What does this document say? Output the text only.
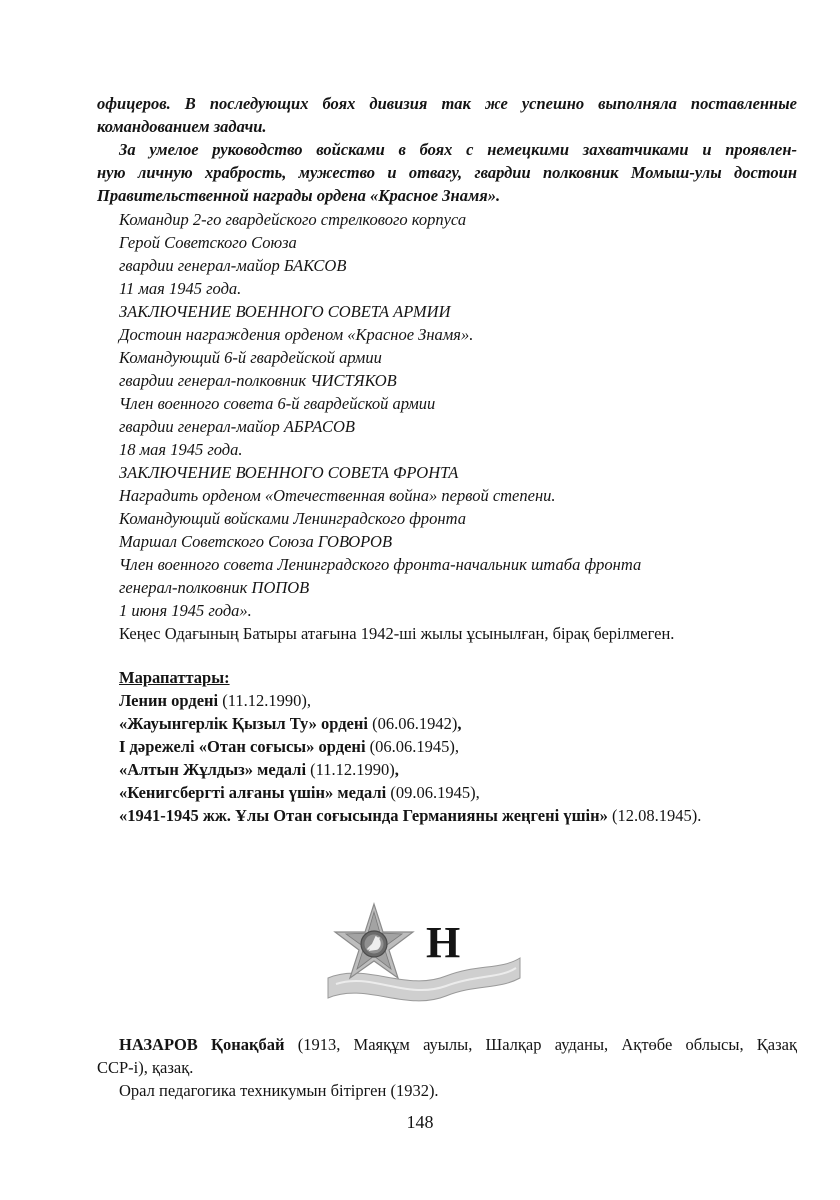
офицеров. В последующих боях дивизия так же успешно выполняла поставленные
командованием задачи.
За умелое руководство войсками в боях с немецкими захватчиками и проявлен-
ную личную храбрость, мужество и отвагу, гвардии полковник Момыш-улы достоин
Правительственной награды ордена «Красное Знамя».
Командир 2-го гвардейского стрелкового корпуса
Герой Советского Союза
гвардии генерал-майор БАКСОВ
11 мая 1945 года.
ЗАКЛЮЧЕНИЕ ВОЕННОГО СОВЕТА АРМИИ
Достоин награждения орденом «Красное Знамя».
Командующий 6-й гвардейской армии
гвардии генерал-полковник ЧИСТЯКОВ
Член военного совета 6-й гвардейской армии
гвардии генерал-майор АБРАСОВ
18 мая 1945 года.
ЗАКЛЮЧЕНИЕ ВОЕННОГО СОВЕТА ФРОНТА
Наградить орденом «Отечественная война» первой степени.
Командующий войсками Ленинградского фронта
Маршал Советского Союза ГОВОРОВ
Член военного совета Ленинградского фронта-начальник штаба фронта
генерал-полковник ПОПОВ
1 июня 1945 года».
Кеңес Одағының Батыры атағына 1942-ші жылы ұсынылған, бірақ берілмеген.
Марапаттары:
Ленин ордені (11.12.1990),
«Жауынгерлік Қызыл Ту» ордені (06.06.1942),
I дәрежелі «Отан соғысы» ордені (06.06.1945),
«Алтын Жұлдыз» медалі (11.12.1990),
«Кенигсбергті алғаны үшін» медалі (09.06.1945),
«1941-1945 жж. Ұлы Отан соғысында Германияны жеңгені үшін» (12.08.1945).
Н
НАЗАРОВ Қонақбай (1913, Маяқұм ауылы, Шалқар ауданы, Ақтөбе облысы, Қазақ
ССР-і), қазақ.
Орал педагогика техникумын бітірген (1932).
148
